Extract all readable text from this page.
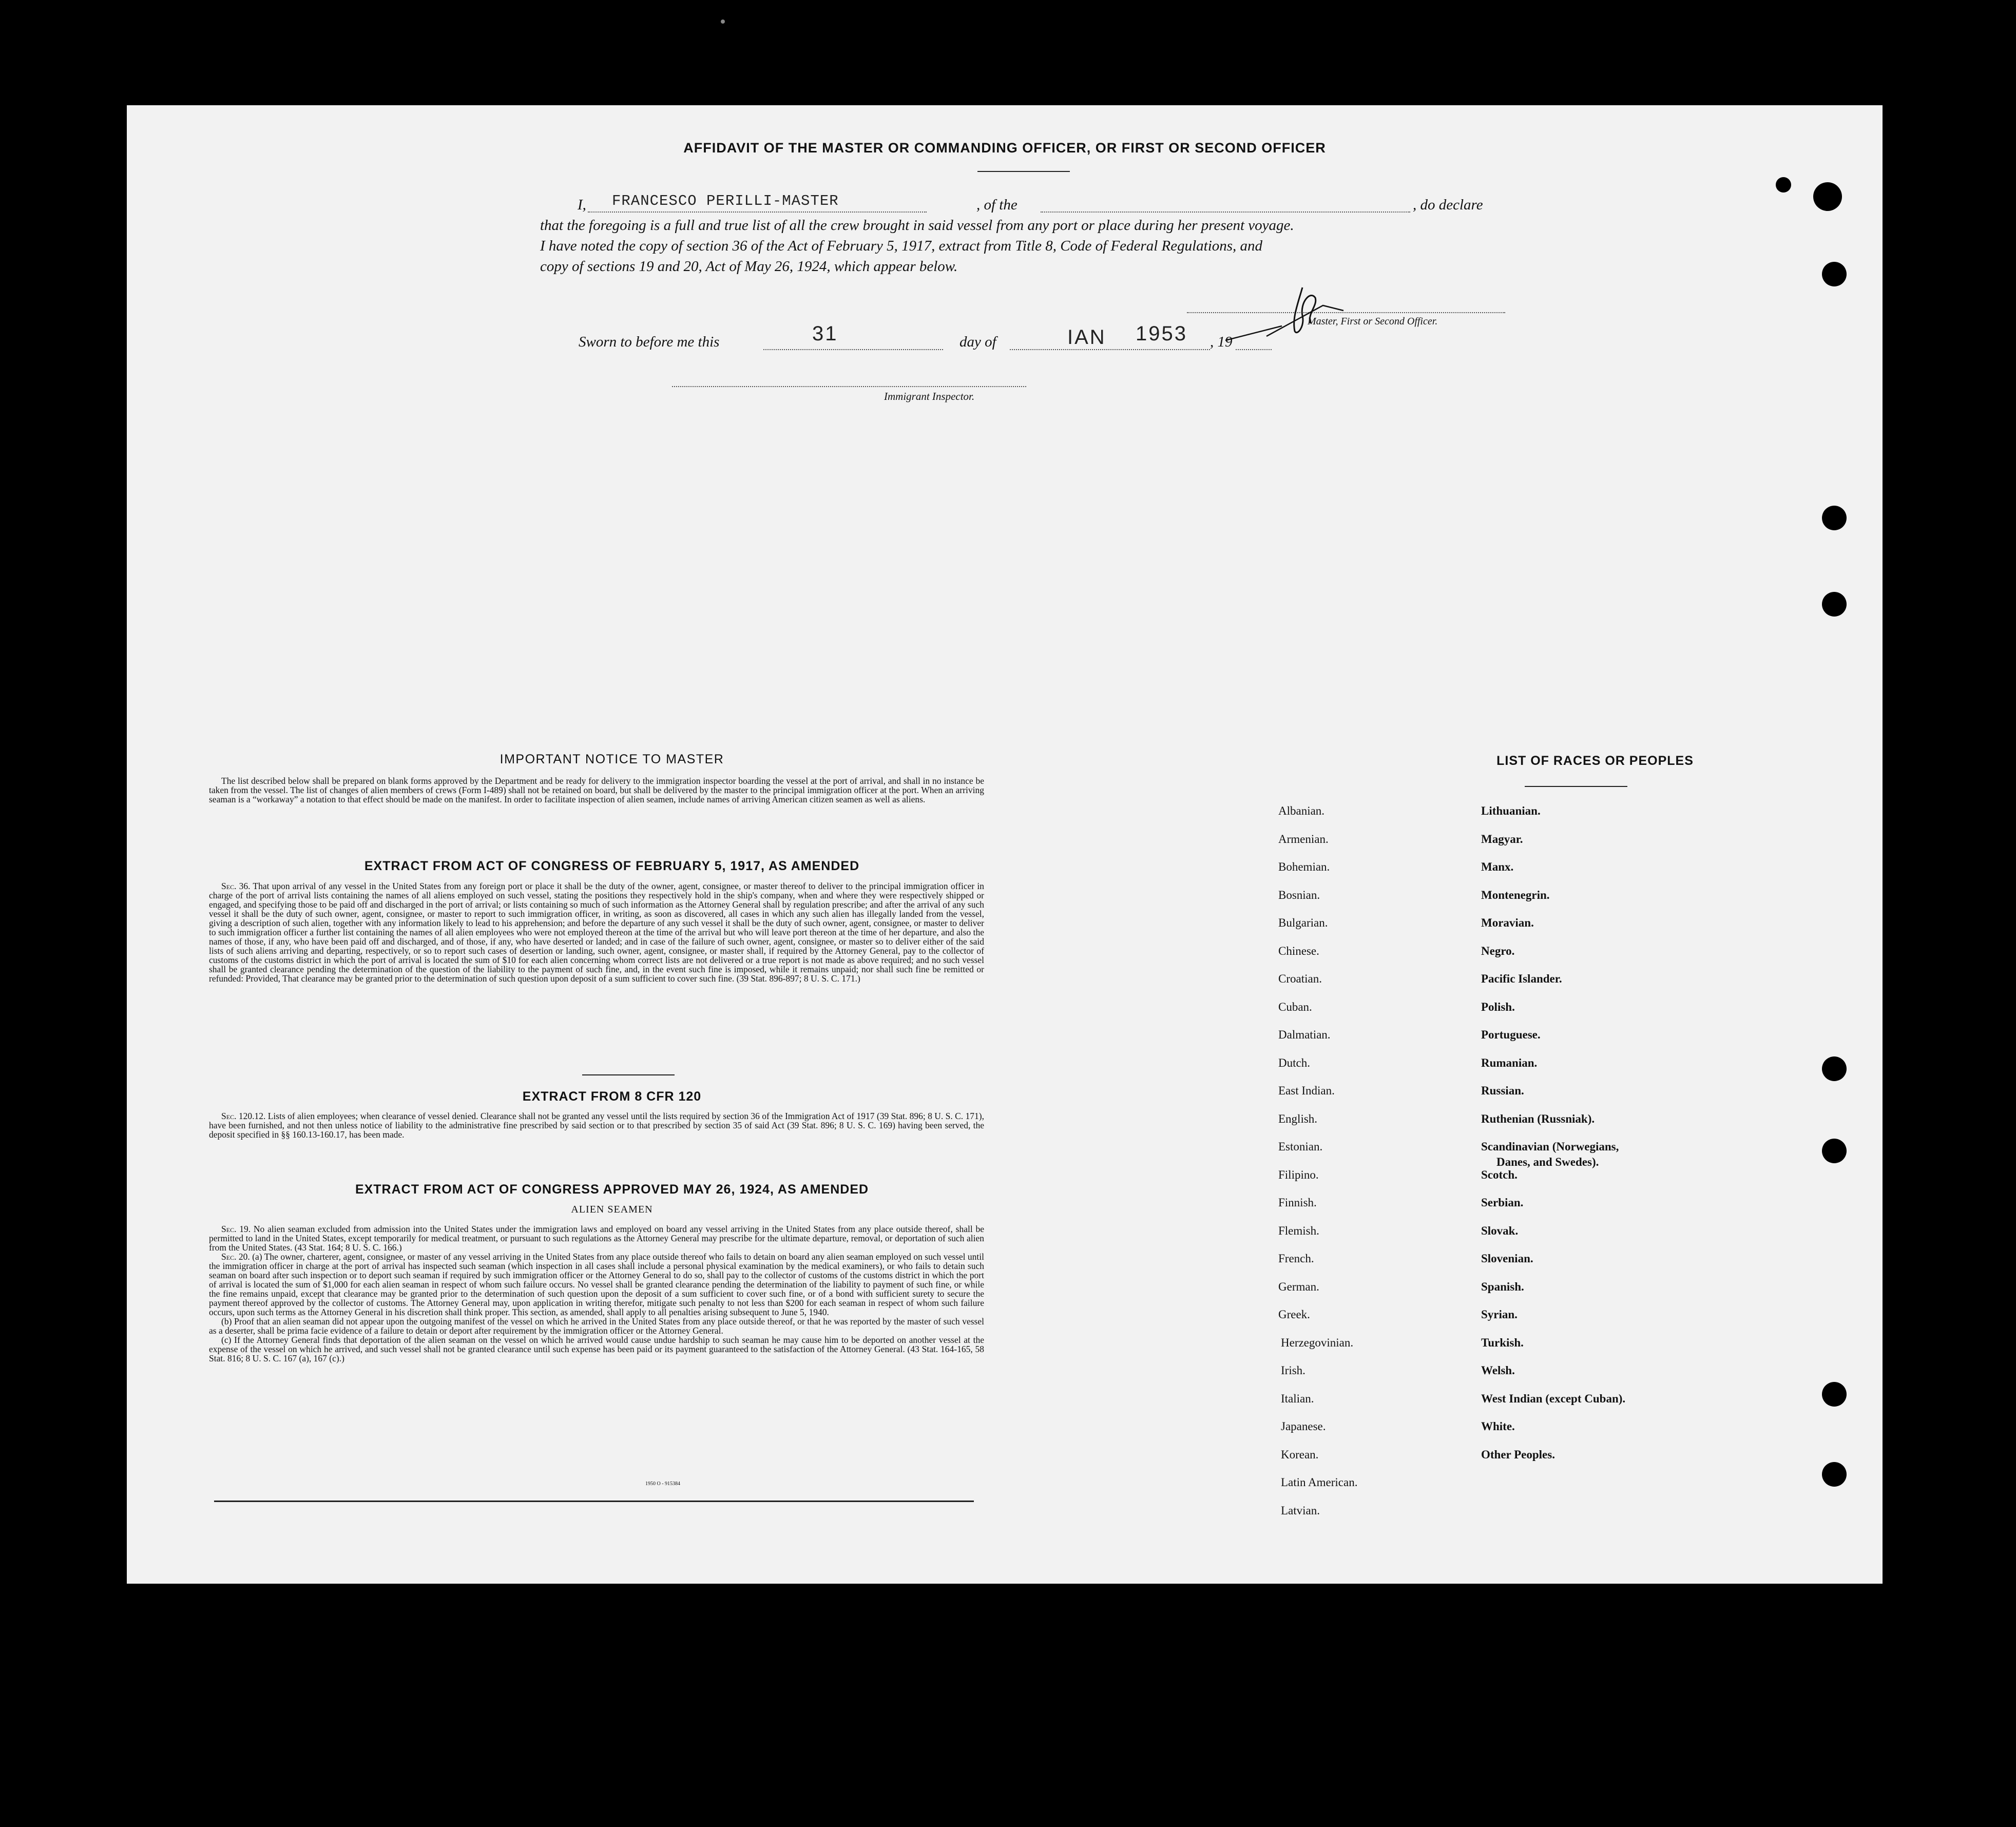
AFFIDAVIT OF THE MASTER OR COMMANDING OFFICER, OR FIRST OR SECOND OFFICER
I, FRANCESCO PERILLI-MASTER	, of the	, do declare
that the foregoing is a full and true list of all the crew brought in said vessel from any port or place during her present voyage.
I have noted the copy of section 36 of the Act of February 5, 1917, extract from Title 8, Code of Federal Regulations, and
copy of sections 19 and 20, Act of May 26, 1924, which appear below.
Master, First or Second Officer.
Sworn to before me this	31	day of	IAN 1953 , 19
Immigrant Inspector.
IMPORTANT NOTICE TO MASTER

The list described below shall be prepared on blank forms approved by the Department and be ready for delivery to the immigration inspector boarding the vessel at the port of arrival, and shall in no instance be taken from the vessel. The list of changes of alien members of crews (Form I-489) shall not be retained on board, but shall be delivered by the master to the principal immigration officer at the port. When an arriving seaman is a “workaway” a notation to that effect should be made on the manifest. In order to facilitate inspection of alien seamen, include names of arriving American citizen seamen as well as aliens.

EXTRACT FROM ACT OF CONGRESS OF FEBRUARY 5, 1917, AS AMENDED

Sec. 36. That upon arrival of any vessel in the United States from any foreign port or place it shall be the duty of the owner, agent, consignee, or master thereof to deliver to the principal immigration officer in charge of the port of arrival lists containing the names of all aliens employed on such vessel, stating the positions they respectively hold in the ship's company, when and where they were respectively shipped or engaged, and specifying those to be paid off and discharged in the port of arrival; or lists containing so much of such information as the Attorney General shall by regulation prescribe; and after the arrival of any such vessel it shall be the duty of such owner, agent, consignee, or master to report to such immigration officer, in writing, as soon as discovered, all cases in which any such alien has illegally landed from the vessel, giving a description of such alien, together with any information likely to lead to his apprehension; and before the departure of any such vessel it shall be the duty of such owner, agent, consignee, or master to deliver to such immigration officer a further list containing the names of all alien employees who were not employed thereon at the time of the arrival but who will leave port thereon at the time of her departure, and also the names of those, if any, who have been paid off and discharged, and of those, if any, who have deserted or landed; and in case of the failure of such owner, agent, consignee, or master so to deliver either of the said lists of such aliens arriving and departing, respectively, or so to report such cases of desertion or landing, such owner, agent, consignee, or master shall, if required by the Attorney General, pay to the collector of customs of the customs district in which the port of arrival is located the sum of $10 for each alien concerning whom correct lists are not delivered or a true report is not made as above required; and no such vessel shall be granted clearance pending the determination of the question of the liability to the payment of such fine, and, in the event such fine is imposed, while it remains unpaid; nor shall such fine be remitted or refunded: Provided, That clearance may be granted prior to the determination of such question upon deposit of a sum sufficient to cover such fine. (39 Stat. 896-897; 8 U. S. C. 171.)

EXTRACT FROM 8 CFR 120

Sec. 120.12. Lists of alien employees; when clearance of vessel denied. Clearance shall not be granted any vessel until the lists required by section 36 of the Immigration Act of 1917 (39 Stat. 896; 8 U. S. C. 171), have been furnished, and not then unless notice of liability to the administrative fine prescribed by said section or to that prescribed by section 35 of said Act (39 Stat. 896; 8 U. S. C. 169) having been served, the deposit specified in §§ 160.13-160.17, has been made.

EXTRACT FROM ACT OF CONGRESS APPROVED MAY 26, 1924, AS AMENDED
ALIEN SEAMEN

Sec. 19. No alien seaman excluded from admission into the United States under the immigration laws and employed on board any vessel arriving in the United States from any place outside thereof, shall be permitted to land in the United States, except temporarily for medical treatment, or pursuant to such regulations as the Attorney General may prescribe for the ultimate departure, removal, or deportation of such alien from the United States. (43 Stat. 164; 8 U. S. C. 166.)

Sec. 20. (a) The owner, charterer, agent, consignee, or master of any vessel arriving in the United States from any place outside thereof who fails to detain on board any alien seaman employed on such vessel until the immigration officer in charge at the port of arrival has inspected such seaman (which inspection in all cases shall include a personal physical examination by the medical examiners), or who fails to detain such seaman on board after such inspection or to deport such seaman if required by such immigration officer or the Attorney General to do so, shall pay to the collector of customs of the customs district in which the port of arrival is located the sum of $1,000 for each alien seaman in respect of whom such failure occurs. No vessel shall be granted clearance pending the determination of the liability to payment of such fine, or while the fine remains unpaid, except that clearance may be granted prior to the determination of such question upon the deposit of a sum sufficient to cover such fine, or of a bond with sufficient surety to secure the payment thereof approved by the collector of customs. The Attorney General may, upon application in writing therefor, mitigate such penalty to not less than $200 for each seaman in respect of whom such failure occurs, upon such terms as the Attorney General in his discretion shall think proper. This section, as amended, shall apply to all penalties arising subsequent to June 5, 1940.

(b) Proof that an alien seaman did not appear upon the outgoing manifest of the vessel on which he arrived in the United States from any place outside thereof, or that he was reported by the master of such vessel as a deserter, shall be prima facie evidence of a failure to detain or deport after requirement by the immigration officer or the Attorney General.

(c) If the Attorney General finds that deportation of the alien seaman on the vessel on which he arrived would cause undue hardship to such seaman he may cause him to be deported on another vessel at the expense of the vessel on which he arrived, and such vessel shall not be granted clearance until such expense has been paid or its payment guaranteed to the satisfaction of the Attorney General. (43 Stat. 164-165, 58 Stat. 816; 8 U. S. C. 167 (a), 167 (c).)

1950 O - 915384
LIST OF RACES OR PEOPLES
Albanian.
Armenian.
Bohemian.
Bosnian.
Bulgarian.
Chinese.
Croatian.
Cuban.
Dalmatian.
Dutch.
East Indian.
English.
Estonian.
Filipino.
Finnish.
Flemish.
French.
German.
Greek.
Herzegovinian.
Irish.
Italian.
Japanese.
Korean.
Latin American.
Latvian.
Lithuanian.
Magyar.
Manx.
Montenegrin.
Moravian.
Negro.
Pacific Islander.
Polish.
Portuguese.
Rumanian.
Russian.
Ruthenian (Russniak).
Scandinavian (Norwegians,
Danes, and Swedes).
Scotch.
Serbian.
Slovak.
Slovenian.
Spanish.
Syrian.
Turkish.
Welsh.
West Indian (except Cuban).
White.
Other Peoples.
